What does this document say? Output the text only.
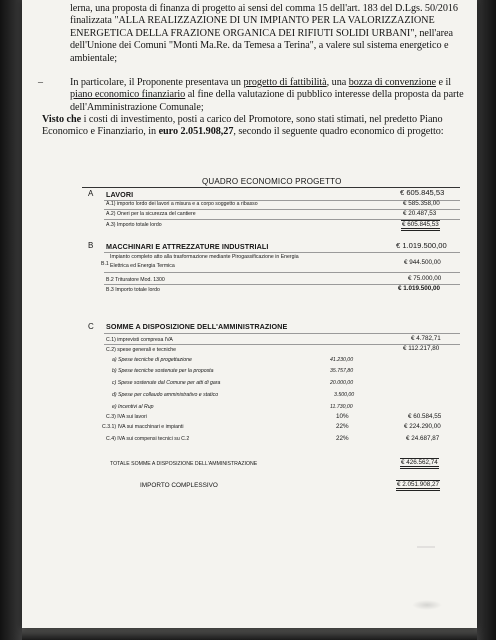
lerna, una proposta di finanza di progetto ai sensi del comma 15 dell'art. 183 del D.Lgs. 50/2016 finalizzata "ALLA REALIZZAZIONE DI UN IMPIANTO PER LA VALORIZZAZIONE ENERGETICA DELLA FRAZIONE ORGANICA DEI RIFIUTI SOLIDI URBANI", nell'area dell'Unione dei Comuni "Monti Ma.Re. da Temesa a Terina", a valere sul sistema energetico e ambientale;
–	In particolare, il Proponente presentava un progetto di fattibilità, una bozza di convenzione e il piano economico finanziario al fine della valutazione di pubblico interesse della proposta da parte dell'Amministrazione Comunale;
Visto che i costi di investimento, posti a carico del Promotore, sono stati stimati, nel predetto Piano Economico e Finanziario, in euro 2.051.908,27, secondo il seguente quadro economico di progetto:
QUADRO ECONOMICO PROGETTO
A LAVORI	€ 605.845,53
A.1) importo lordo dei lavori a misura e a corpo soggetto a ribasso	€ 585.358,00
A.2) Oneri per la sicurezza del cantiere	€ 20.487,53
A.3) Importo totale lordo	€ 605.845,53
B MACCHINARI E ATTREZZATURE INDUSTRIALI	€ 1.019.500,00
B.1
Impianto completo atto alla trasformazione mediante Pirogassificazione in Energia
Elettrica ed Energia Termica	€ 944.500,00
B.2 Trituratore Mod. 1300	€ 75.000,00
B.3 Importo totale lordo	€ 1.019.500,00
C SOMME A DISPOSIZIONE DELL'AMMINISTRAZIONE
C.1) imprevisti compresa IVA	€ 4.782,71
C.2) spese generali e tecniche	€ 112.217,80
a) Spese tecniche di progettazione	41.230,00
b) Spese tecniche sostenute per la proposta	35.757,80
c) Spese sostenute dal Comune per atti di gara	20.000,00
d) Spese per collaudo amministrativo e statico	3.500,00
e) Incentivi al Rup	11.730,00
C.3) IVA sui lavori	10%	€ 60.584,55
C.3.1) IVA sui macchinari e impianti	22%	€ 224.290,00
C.4) IVA sui compensi tecnici su C.2	22%	€ 24.687,87
TOTALE SOMME A DISPOSIZIONE DELL'AMMINISTRAZIONE	€ 426.562,74
IMPORTO COMPLESSIVO	€ 2.051.908,27
